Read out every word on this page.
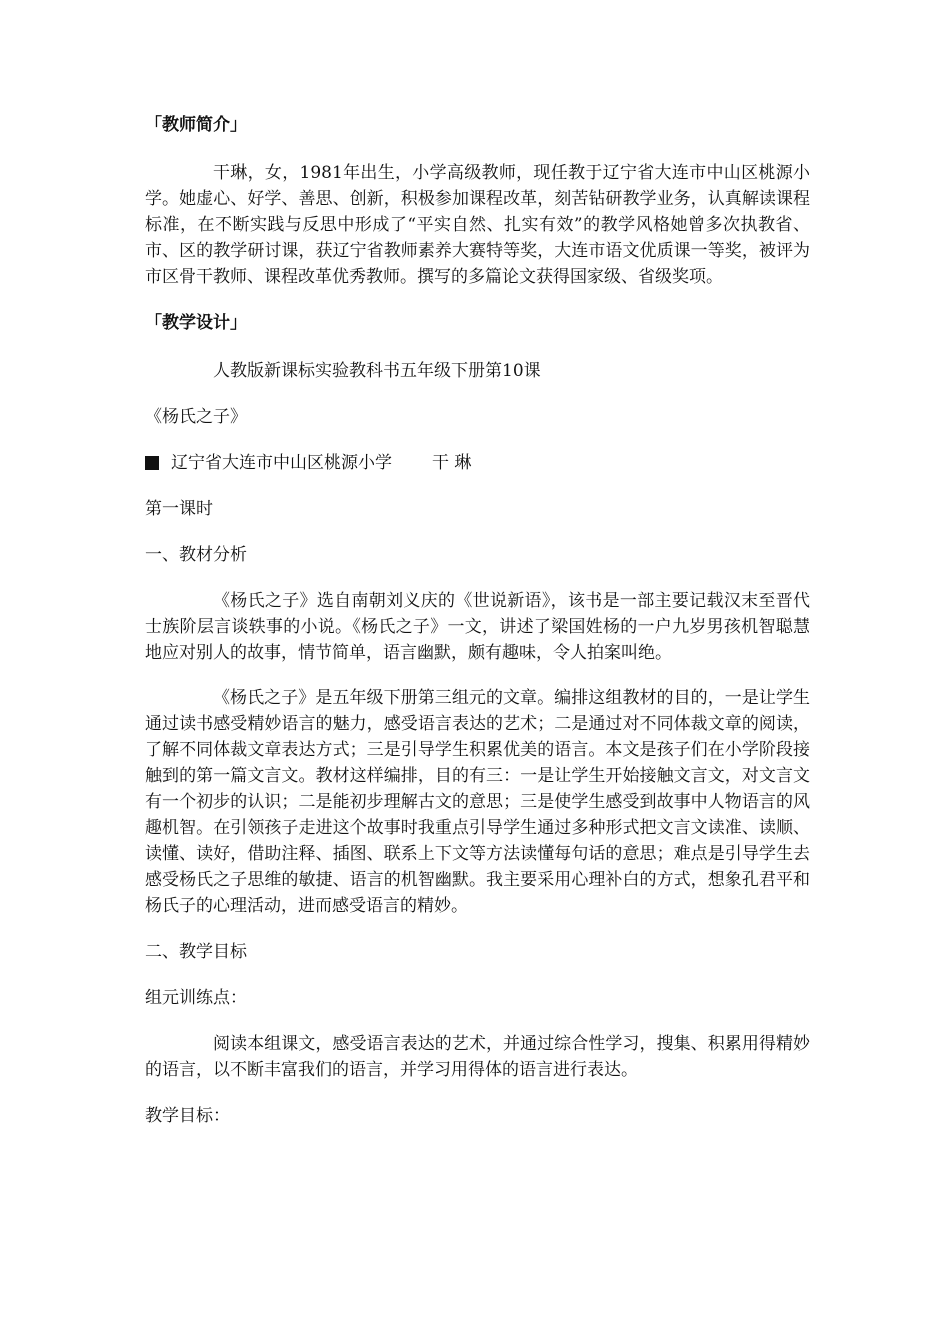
「教师简介」

干琳，女，1981年出生，小学高级教师，现任教于辽宁省大连市中山区桃源小学。她虚心、好学、善思、创新，积极参加课程改革，刻苦钻研教学业务，认真解读课程标准，在不断实践与反思中形成了“平实自然、扎实有效”的教学风格她曾多次执教省、市、区的教学研讨课，获辽宁省教师素养大赛特等奖，大连市语文优质课一等奖，被评为市区骨干教师、课程改革优秀教师。撰写的多篇论文获得国家级、省级奖项。

「教学设计」

人教版新课标实验教科书五年级下册第10课

《杨氏之子》

辽宁省大连市中山区桃源小学 干 琳

第一课时

一、教材分析

《杨氏之子》选自南朝刘义庆的《世说新语》，该书是一部主要记载汉末至晋代士族阶层言谈轶事的小说。《杨氏之子》一文，讲述了梁国姓杨的一户九岁男孩机智聪慧地应对别人的故事，情节简单，语言幽默，颇有趣味，令人拍案叫绝。

《杨氏之子》是五年级下册第三组元的文章。编排这组教材的目的，一是让学生通过读书感受精妙语言的魅力，感受语言表达的艺术；二是通过对不同体裁文章的阅读，了解不同体裁文章表达方式；三是引导学生积累优美的语言。本文是孩子们在小学阶段接触到的第一篇文言文。教材这样编排，目的有三：一是让学生开始接触文言文，对文言文有一个初步的认识；二是能初步理解古文的意思；三是使学生感受到故事中人物语言的风趣机智。在引领孩子走进这个故事时我重点引导学生通过多种形式把文言文读准、读顺、读懂、读好，借助注释、插图、联系上下文等方法读懂每句话的意思；难点是引导学生去感受杨氏之子思维的敏捷、语言的机智幽默。我主要采用心理补白的方式，想象孔君平和杨氏子的心理活动，进而感受语言的精妙。

二、教学目标

组元训练点：

阅读本组课文，感受语言表达的艺术，并通过综合性学习，搜集、积累用得精妙的语言，以不断丰富我们的语言，并学习用得体的语言进行表达。

教学目标：
